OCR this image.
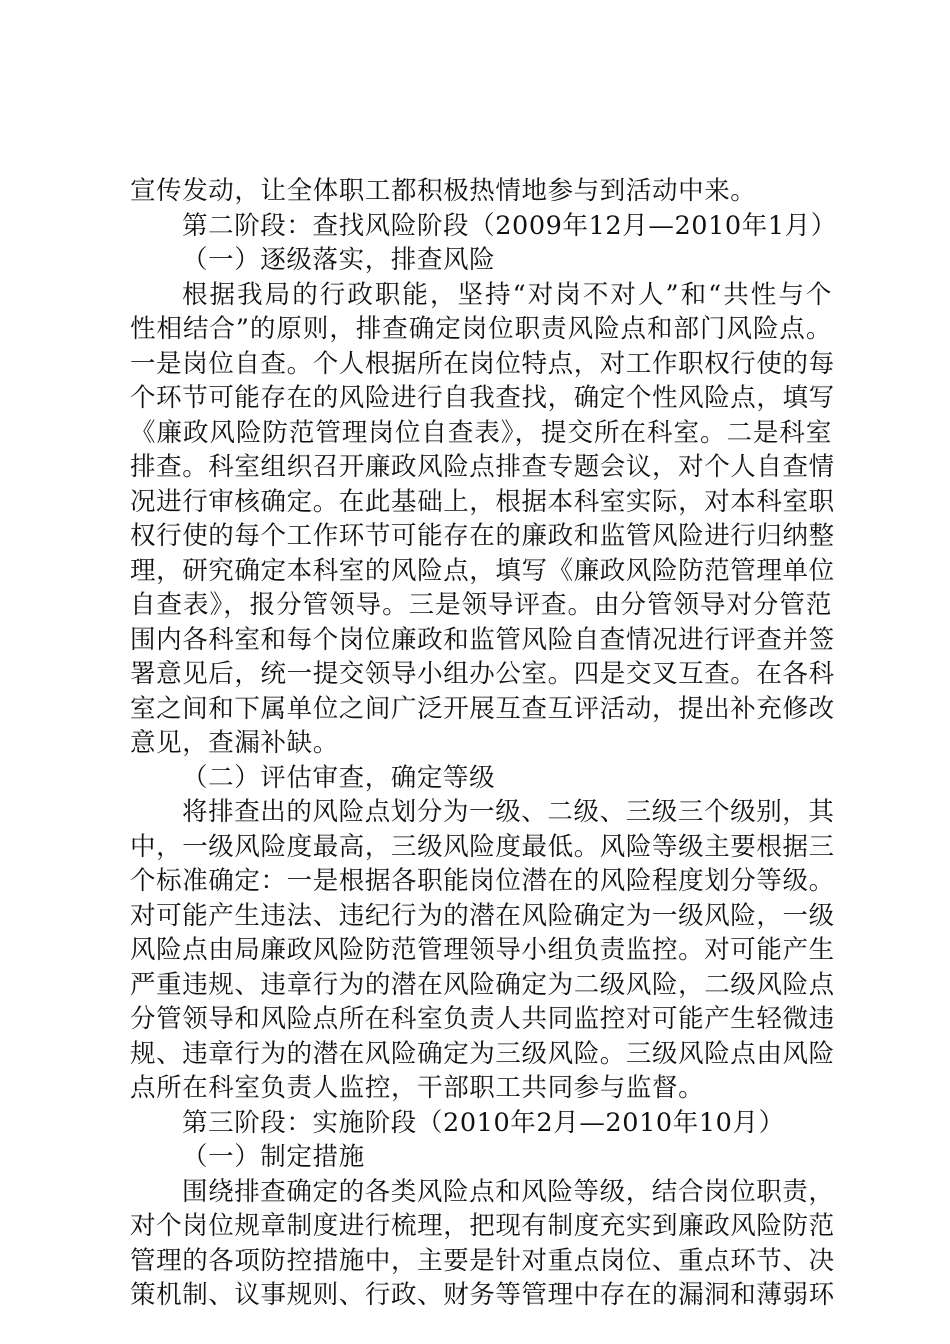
宣传发动，让全体职工都积极热情地参与到活动中来。
第二阶段：查找风险阶段（2009年12月—2010年1月）
（一）逐级落实，排查风险
根据我局的行政职能，坚持“对岗不对人”和“共性与个
性相结合”的原则，排查确定岗位职责风险点和部门风险点。
一是岗位自查。个人根据所在岗位特点，对工作职权行使的每
个环节可能存在的风险进行自我查找，确定个性风险点，填写
《廉政风险防范管理岗位自查表》，提交所在科室。二是科室
排查。科室组织召开廉政风险点排查专题会议，对个人自查情
况进行审核确定。在此基础上，根据本科室实际，对本科室职
权行使的每个工作环节可能存在的廉政和监管风险进行归纳整
理，研究确定本科室的风险点，填写《廉政风险防范管理单位
自查表》，报分管领导。三是领导评查。由分管领导对分管范
围内各科室和每个岗位廉政和监管风险自查情况进行评查并签
署意见后，统一提交领导小组办公室。四是交叉互查。在各科
室之间和下属单位之间广泛开展互查互评活动，提出补充修改
意见，查漏补缺。
（二）评估审查，确定等级
将排查出的风险点划分为一级、二级、三级三个级别，其
中，一级风险度最高，三级风险度最低。风险等级主要根据三
个标准确定：一是根据各职能岗位潜在的风险程度划分等级。
对可能产生违法、违纪行为的潜在风险确定为一级风险，一级
风险点由局廉政风险防范管理领导小组负责监控。对可能产生
严重违规、违章行为的潜在风险确定为二级风险，二级风险点
分管领导和风险点所在科室负责人共同监控对可能产生轻微违
规、违章行为的潜在风险确定为三级风险。三级风险点由风险
点所在科室负责人监控，干部职工共同参与监督。
第三阶段：实施阶段（2010年2月—2010年10月）
（一）制定措施
围绕排查确定的各类风险点和风险等级，结合岗位职责，
对个岗位规章制度进行梳理，把现有制度充实到廉政风险防范
管理的各项防控措施中，主要是针对重点岗位、重点环节、决
策机制、议事规则、行政、财务等管理中存在的漏洞和薄弱环
